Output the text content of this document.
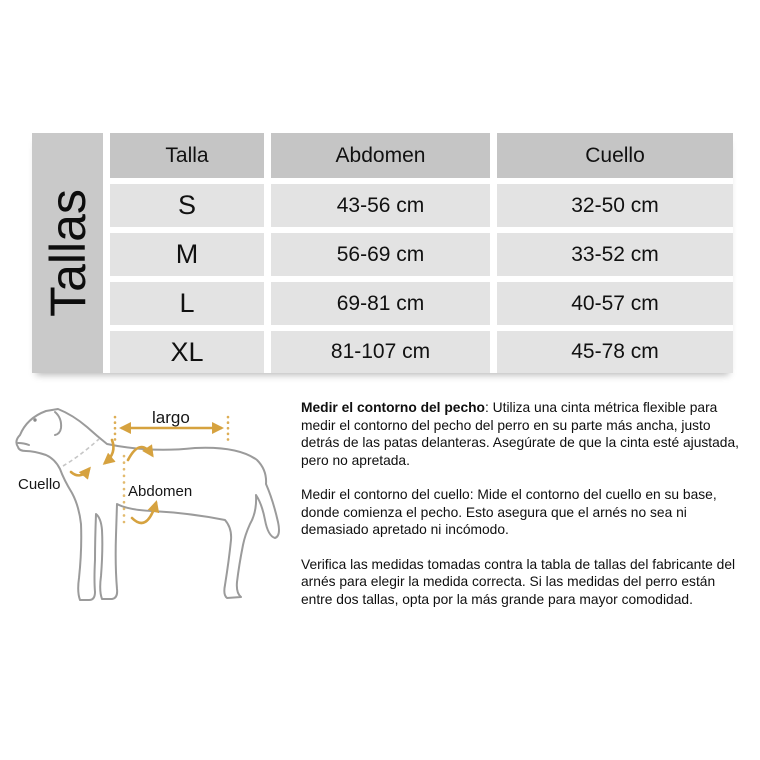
Tallas
Talla	Abdomen	Cuello
S	43-56 cm	32-50 cm
M	56-69 cm	33-52 cm
L	69-81 cm	40-57 cm
XL	81-107 cm	45-78 cm
largo
Cuello	Abdomen

Medir el contorno del pecho: Utiliza una cinta métrica flexible para medir el contorno del pecho del perro en su parte más ancha, justo detrás de las patas delanteras. Asegúrate de que la cinta esté ajustada, pero no apretada.

Medir el contorno del cuello: Mide el contorno del cuello en su base, donde comienza el pecho. Esto asegura que el arnés no sea ni demasiado apretado ni incómodo.

Verifica las medidas tomadas contra la tabla de tallas del fabricante del arnés para elegir la medida correcta. Si las medidas del perro están entre dos tallas, opta por la más grande para mayor comodidad.
